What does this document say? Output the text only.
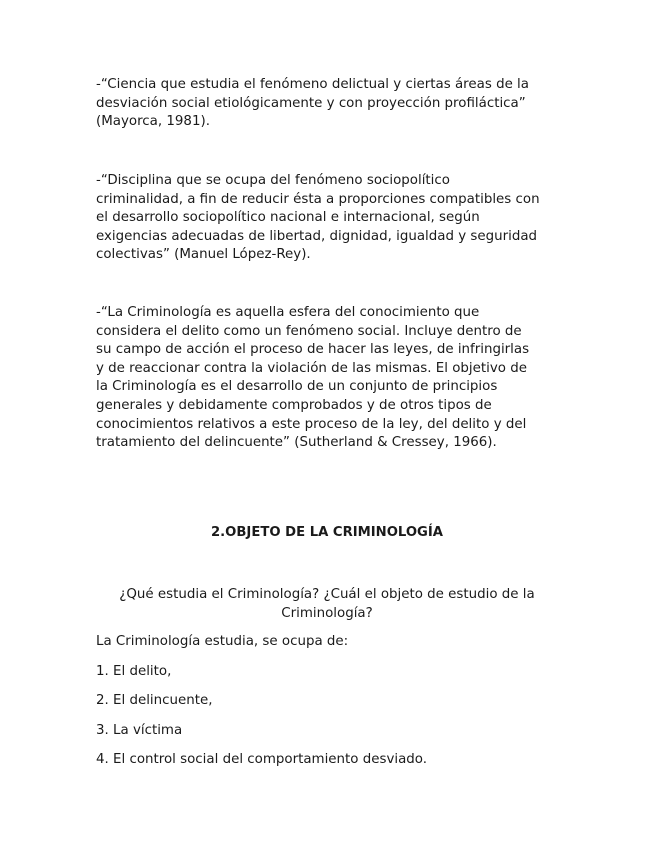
-“Ciencia que estudia el fenómeno delictual y ciertas áreas de la
desviación social etiológicamente y con proyección profiláctica”
(Mayorca, 1981).

-“Disciplina que se ocupa del fenómeno sociopolítico
criminalidad, a fin de reducir ésta a proporciones compatibles con
el desarrollo sociopolítico nacional e internacional, según
exigencias adecuadas de libertad, dignidad, igualdad y seguridad
colectivas” (Manuel López-Rey).

-“La Criminología es aquella esfera del conocimiento que
considera el delito como un fenómeno social. Incluye dentro de
su campo de acción el proceso de hacer las leyes, de infringirlas
y de reaccionar contra la violación de las mismas. El objetivo de
la Criminología es el desarrollo de un conjunto de principios
generales y debidamente comprobados y de otros tipos de
conocimientos relativos a este proceso de la ley, del delito y del
tratamiento del delincuente” (Sutherland & Cressey, 1966).

2.OBJETO DE LA CRIMINOLOGÍA

¿Qué estudia el Criminología? ¿Cuál el objeto de estudio de la
Criminología?

La Criminología estudia, se ocupa de:

1. El delito,

2. El delincuente,

3. La víctima

4. El control social del comportamiento desviado.
